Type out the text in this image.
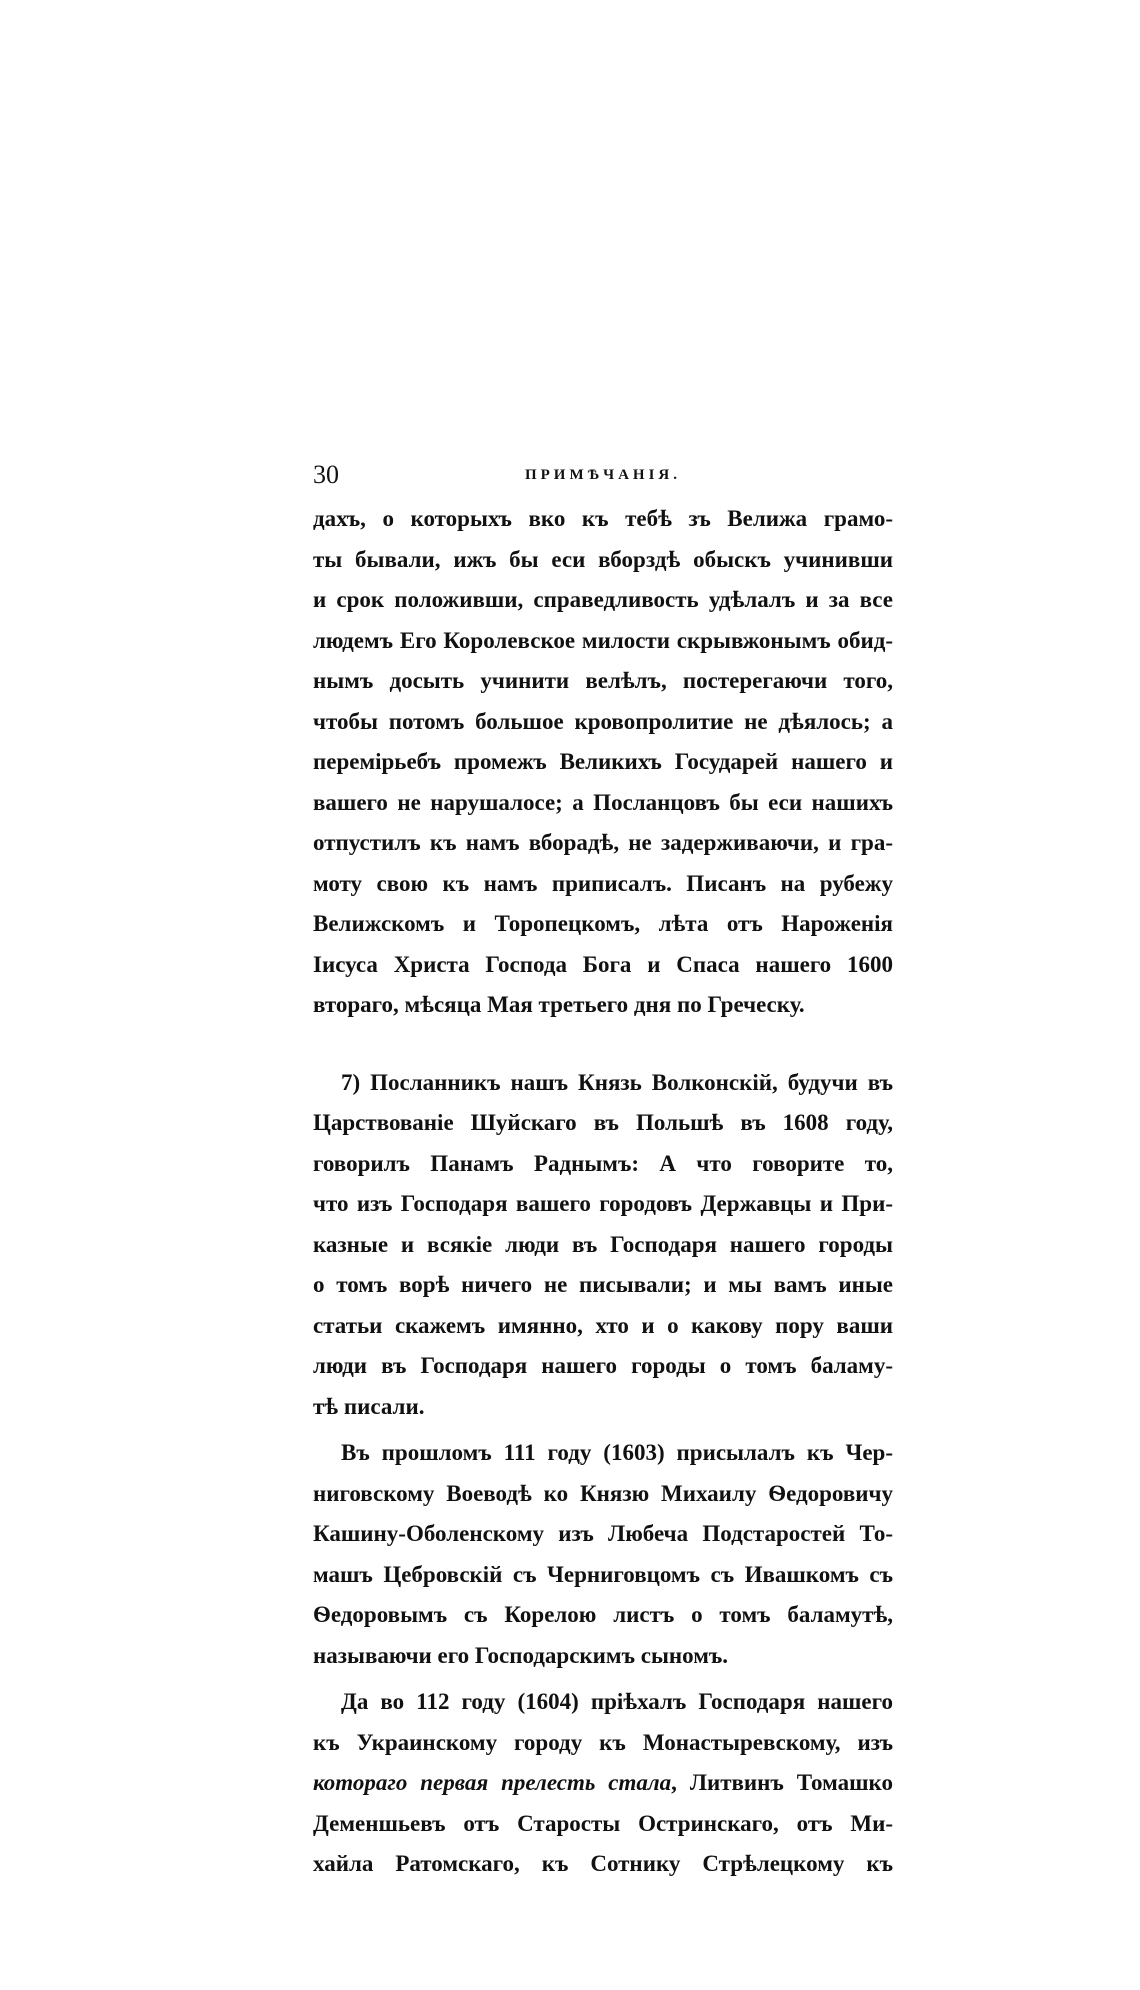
30	ПРИМѢЧАНІЯ.
дахъ, о которыхъ вко къ тебѣ зъ Велижа грамо-
ты бывали, ижъ бы еси вборздѣ обыскъ учинивши
и срок положивши, справедливость удѣлалъ и за все
людемъ Его Королевское милости скрывжонымъ обид-
нымъ досыть учинити велѣлъ, постерегаючи того,
чтобы потомъ большое кровопролитие не дѣялось; а
перемірьебъ промежъ Великихъ Государей нашего и
вашего не нарушалосе; а Посланцовъ бы еси нашихъ
отпустилъ къ намъ вборадѣ, не задерживаючи, и гра-
моту свою къ намъ приписалъ. Писанъ на рубежу
Велижскомъ и Торопецкомъ, лѣта отъ Нароженія
Іисуса Христа Господа Бога и Спаса нашего 1600
втораго, мѣсяца Мая третьего дня по Греческу.
7) Посланникъ нашъ Князь Волконскій, будучи въ
Царствованіе Шуйскаго въ Польшѣ въ 1608 году,
говорилъ Панамъ Раднымъ: А что говорите то,
что изъ Господаря вашего городовъ Державцы и При-
казные и всякіе люди въ Господаря нашего городы
о томъ ворѣ ничего не писывали; и мы вамъ иные
статьи скажемъ имянно, хто и о какову пору ваши
люди въ Господаря нашего городы о томъ баламу-
тѣ писали.
Въ прошломъ 111 году (1603) присылалъ къ Чер-
ниговскому Воеводѣ ко Князю Михаилу Ѳедоровичу
Кашину-Оболенскому изъ Любеча Подстаростей То-
машъ Цебровскій съ Черниговцомъ съ Ивашкомъ съ
Ѳедоровымъ съ Корелою листъ о томъ баламутѣ,
называючи его Господарскимъ сыномъ.
Да во 112 году (1604) пріѣхалъ Господаря нашего
къ Украинскому городу къ Монастыревскому, изъ
котораго первая прелесть стала, Литвинъ Томашко
Деменшьевъ отъ Старосты Остринскаго, отъ Ми-
хайла Ратомскаго, къ Сотнику Стрѣлецкому къ
